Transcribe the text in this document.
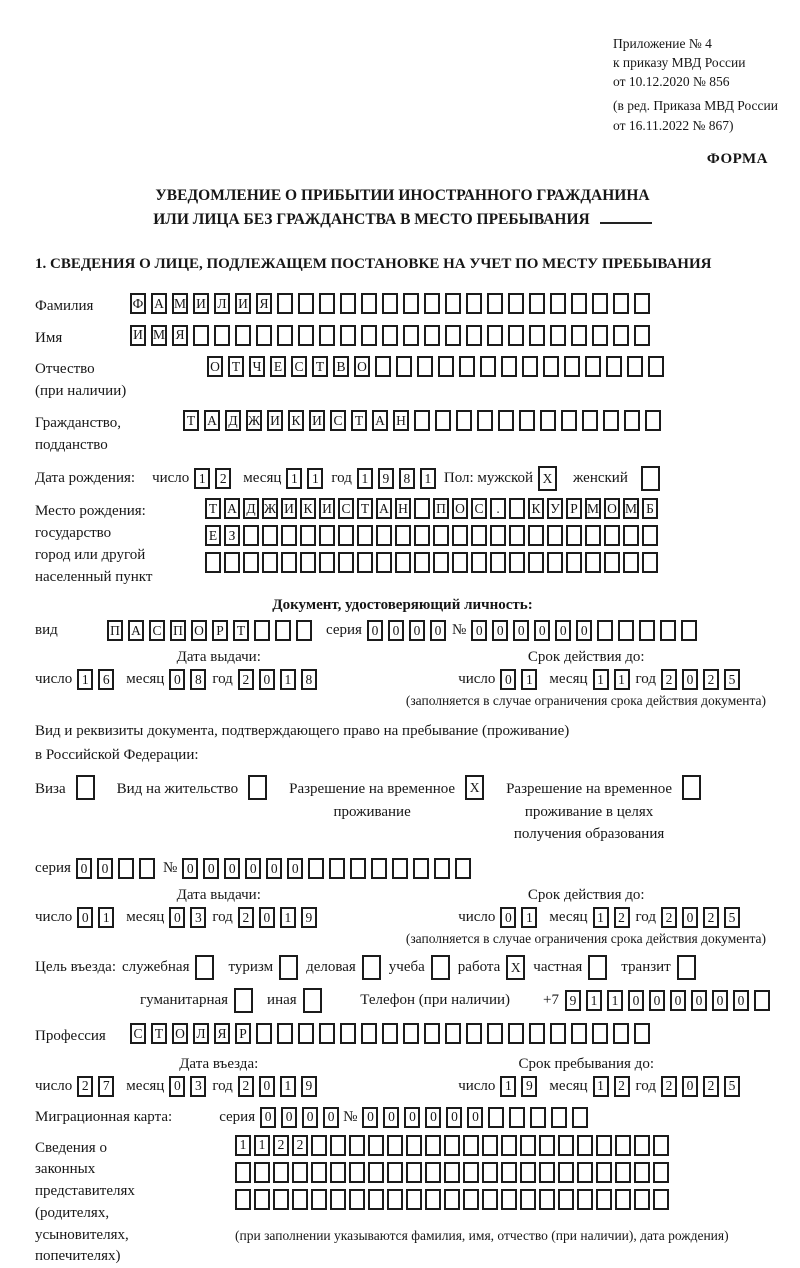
Приложение № 4
к приказу МВД России
от 10.12.2020 № 856
(в ред. Приказа МВД России
от 16.11.2022 № 867)
ФОРМА
УВЕДОМЛЕНИЕ О ПРИБЫТИИ ИНОСТРАННОГО ГРАЖДАНИНА
ИЛИ ЛИЦА БЕЗ ГРАЖДАНСТВА В МЕСТО ПРЕБЫВАНИЯ
1. СВЕДЕНИЯ О ЛИЦЕ, ПОДЛЕЖАЩЕМ ПОСТАНОВКЕ НА УЧЕТ ПО МЕСТУ ПРЕБЫВАНИЯ
Фамилия	Ф А М И Л И Я
Имя	И М Я
Отчество
(при наличии)
О Т Ч Е С Т В О
Гражданство,
подданство
Т А Д Ж И К И С Т А Н
Дата рождения:	число 1	2	месяц 1	1 год 1	9	8	1 Пол: мужской X	женский
Место рождения:
государство
город или другой
населенный пункт
Т А Д Ж И К И С Т А Н П О С .	К У Р М О М Б
Е З
Документ, удостоверяющий личность:
вид	П А С П О Р Т	серия 0	0	0	0 № 0	0	0	0	0	0
Дата выдачи:
число 1	6	месяц 0	8 год 2	0	1	8
Срок действия до:
число 0	1	месяц 1	1 год 2	0	2	5
(заполняется в случае ограничения срока действия документа)
Вид и реквизиты документа, подтверждающего право на пребывание (проживание)
в Российской Федерации:
Виза	Вид на жительство	Разрешение на временное
проживание
X	Разрешение на временное
проживание в целях
получения образования
серия 0	0	№ 0	0	0	0	0	0
Дата выдачи:
число 0	1	месяц 0	3 год 2	0	1	9
Срок действия до:
число 0	1	месяц 1	2 год 2	0	2	5
(заполняется в случае ограничения срока действия документа)
Цель въезда: служебная	туризм	деловая	учеба	работа X частная	транзит
гуманитарная	иная	Телефон (при наличии)	+7 9	1	1	0	0	0	0	0	0
Профессия	С Т О Л Я Р
Дата въезда:
число 2	7	месяц 0	3 год 2	0	1	9
Срок пребывания до:
число 1	9	месяц 1	2 год 2	0	2	5
Миграционная карта:	серия 0	0	0	0 № 0	0	0	0	0	0
Сведения о
законных
представителях
(родителях,
усыновителях,
попечителях)
1 1 2 2
(при заполнении указываются фамилия, имя, отчество (при наличии), дата рождения)
